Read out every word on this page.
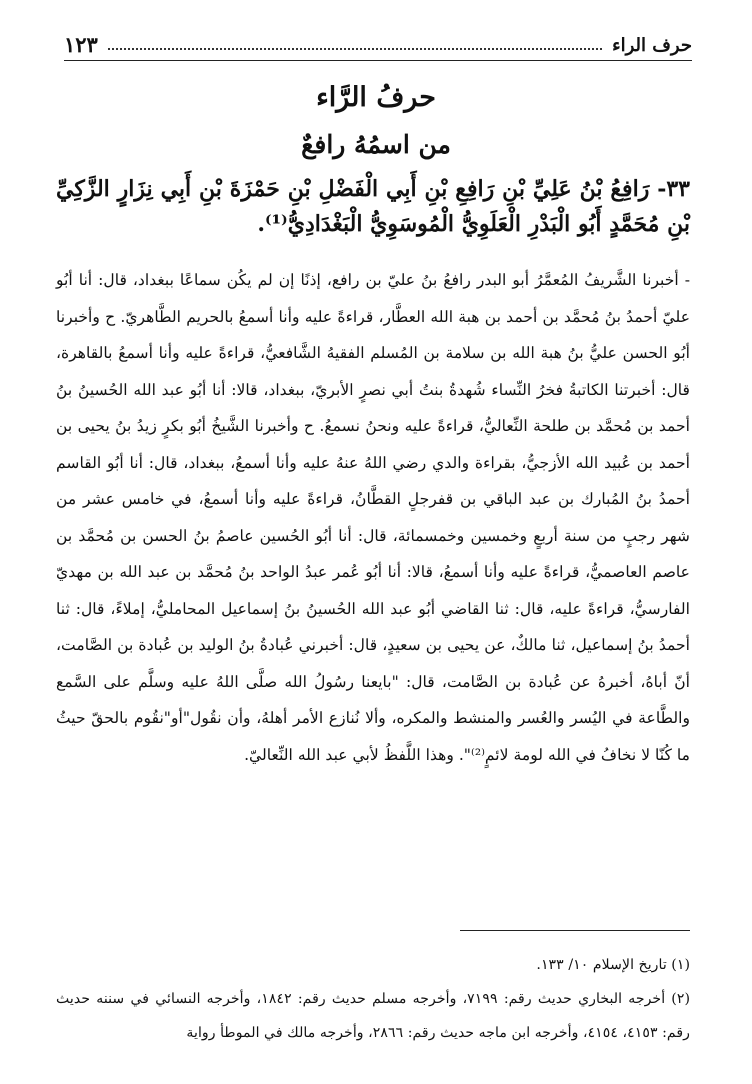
حرف الراء
١٢٣
حرفُ الرَّاء
من اسمُهُ رافعٌ
٣٣- رَافِعُ بْنُ عَلِيِّ بْنِ رَافِعِ بْنِ أَبِي الْفَضْلِ بْنِ حَمْزَةَ بْنِ أَبِي نِزَارٍ الزَّكِيِّ بْنِ مُحَمَّدٍ أَبُو الْبَدْرِ الْعَلَوِيُّ الْمُوسَوِيُّ الْبَغْدَادِيُّ⁽¹⁾.
- أخبرنا الشَّريفُ المُعمَّرُ أبو البدر رافعُ بنُ عليّ بن رافع، إذنًا إن لم يكُن سماعًا ببغداد، قال: أنا أبُو عليّ أحمدُ بنُ مُحمَّد بن أحمد بن هبة الله العطَّار، قراءةً عليه وأنا أسمعُ بالحريم الطَّاهريّ. ح وأخبرنا أبُو الحسن عليُّ بنُ هبة الله بن سلامة بن المُسلم الفقيهُ الشَّافعيُّ، قراءةً عليه وأنا أسمعُ بالقاهرة، قال: أخبرتنا الكاتبةُ فخرُ النِّساء شُهدةُ بنتُ أبي نصرٍ الأبريّ، ببغداد، قالا: أنا أبُو عبد الله الحُسينُ بنُ أحمد بن مُحمَّد بن طلحة النِّعاليُّ، قراءةً عليه ونحنُ نسمعُ. ح وأخبرنا الشَّيخُ أبُو بكرٍ زيدُ بنُ يحيى بن أحمد بن عُبيد الله الأزجيُّ، بقراءة والدي رضي اللهُ عنهُ عليه وأنا أسمعُ، ببغداد، قال: أنا أبُو القاسم أحمدُ بنُ المُبارك بن عبد الباقي بن قفرجلٍ القطَّانُ، قراءةً عليه وأنا أسمعُ، في خامس عشر من شهر رجبٍ من سنة أربعٍ وخمسين وخمسمائة، قال: أنا أبُو الحُسين عاصمُ بنُ الحسن بن مُحمَّد بن عاصم العاصميُّ، قراءةً عليه وأنا أسمعُ، قالا: أنا أبُو عُمر عبدُ الواحد بنُ مُحمَّد بن عبد الله بن مهديّ الفارسيُّ، قراءةً عليه، قال: ثنا القاضي أبُو عبد الله الحُسينُ بنُ إسماعيل المحامليُّ، إملاءً، قال: ثنا أحمدُ بنُ إسماعيل، ثنا مالكٌ، عن يحيى بن سعيدٍ، قال: أخبرني عُبادةُ بنُ الوليد بن عُبادة بن الصَّامت، أنّ أباهُ، أخبرهُ عن عُبادة بن الصَّامت، قال: "بايعنا رسُولُ الله صلَّى اللهُ عليه وسلَّم على السَّمع والطَّاعة في اليُسر والعُسر والمنشط والمكره، وألا نُنازع الأمر أهلهُ، وأن نقُول"أو"نقُوم بالحقّ حيثُ ما كُنّا لا نخافُ في الله لومة لائمٍ⁽²⁾". وهذا اللَّفظُ لأبي عبد الله النِّعاليّ.

(١) تاريخ الإسلام ١٠/ ١٣٣.

(٢) أخرجه البخاري حديث رقم: ٧١٩٩، وأخرجه مسلم حديث رقم: ١٨٤٢، وأخرجه النسائي في سننه حديث رقم: ٤١٥٣، ٤١٥٤، وأخرجه ابن ماجه حديث رقم: ٢٨٦٦، وأخرجه مالك في الموطأ رواية
